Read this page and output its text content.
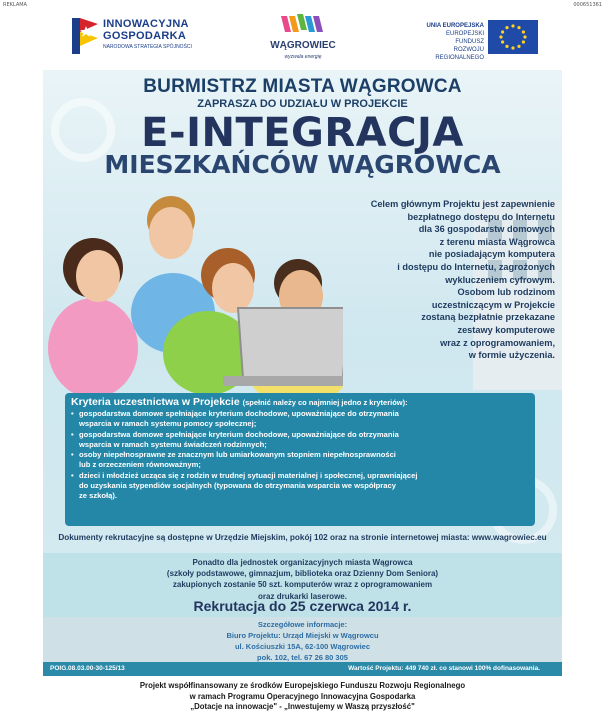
REKLAMA	000651361
INNOWACYJNA
GOSPODARKA
NARODOWA STRATEGIA SPÓJNOŚCI	WĄGROWIEC
wyzwala energię
UNIA EUROPEJSKA
EUROPEJSKI FUNDUSZ
ROZWOJU REGIONALNEGO
BURMISTRZ MIASTA WĄGROWCA
ZAPRASZA DO UDZIAŁU W PROJEKCIE
E-INTEGRACJA
MIESZKAŃCÓW WĄGROWCA
Celem głównym Projektu jest zapewnienie
bezpłatnego dostępu do Internetu
dla 36 gospodarstw domowych
z terenu miasta Wągrowca
nie posiadającym komputera
i dostępu do Internetu, zagrożonych
wykluczeniem cyfrowym.
Osobom lub rodzinom
uczestniczącym w Projekcie
zostaną bezpłatnie przekazane
zestawy komputerowe
wraz z oprogramowaniem,
w formie użyczenia.
Kryteria uczestnictwa w Projekcie (spełnić należy co najmniej jedno z kryteriów):
• gospodarstwa domowe spełniające kryterium dochodowe, upoważniające do otrzymania
wsparcia w ramach systemu pomocy społecznej;
• gospodarstwa domowe spełniające kryterium dochodowe, upoważniające do otrzymania
wsparcia w ramach systemu świadczeń rodzinnych;
• osoby niepełnosprawne ze znacznym lub umiarkowanym stopniem niepełnosprawności
lub z orzeczeniem równoważnym;
• dzieci i młodzież ucząca się z rodzin w trudnej sytuacji materialnej i społecznej, uprawniającej
do uzyskania stypendiów socjalnych (typowana do otrzymania wsparcia we współpracy
ze szkołą).
Dokumenty rekrutacyjne są dostępne w Urzędzie Miejskim, pokój 102 oraz na stronie internetowej miasta: www.wagrowiec.eu
Ponadto dla jednostek organizacyjnych miasta Wągrowca
(szkoły podstawowe, gimnazjum, biblioteka oraz Dzienny Dom Seniora)
zakupionych zostanie 50 szt. komputerów wraz z oprogramowaniem
oraz drukarki laserowe.
Rekrutacja do 25 czerwca 2014 r.
Szczegółowe informacje:
Biuro Projektu: Urząd Miejski w Wągrowcu
ul. Kościuszki 15A, 62-100 Wągrowiec
pok. 102, tel. 67 26 80 305
POIG.08.03.00-30-125/13	Wartość Projektu: 449 740 zł. co stanowi 100% dofinasowania.
Projekt współfinansowany ze środków Europejskiego Funduszu Rozwoju Regionalnego
w ramach Programu Operacyjnego Innowacyjna Gospodarka
„Dotacje na innowacje" - „Inwestujemy w Waszą przyszłość"
